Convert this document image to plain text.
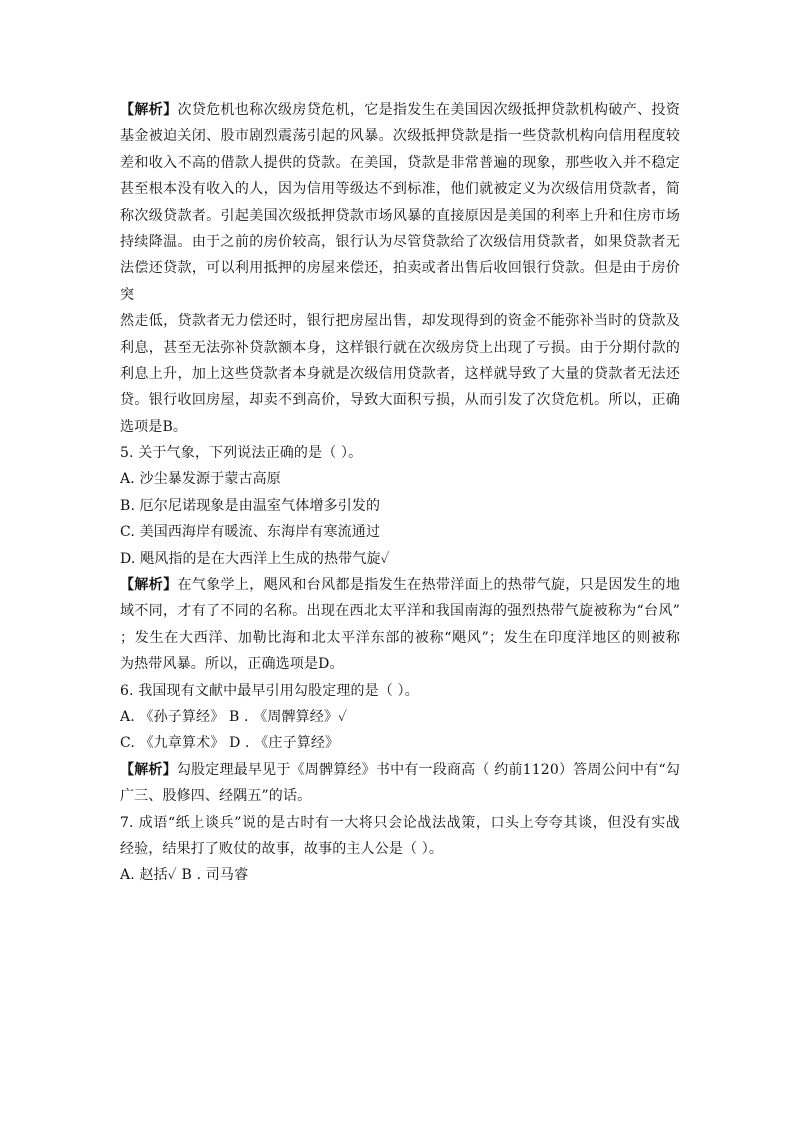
【解析】次贷危机也称次级房贷危机，它是指发生在美国因次级抵押贷款机构破产、投资
基金被迫关闭、股市剧烈震荡引起的风暴。次级抵押贷款是指一些贷款机构向信用程度较
差和收入不高的借款人提供的贷款。在美国，贷款是非常普遍的现象，那些收入并不稳定
甚至根本没有收入的人，因为信用等级达不到标准，他们就被定义为次级信用贷款者，简
称次级贷款者。引起美国次级抵押贷款市场风暴的直接原因是美国的利率上升和住房市场
持续降温。由于之前的房价较高，银行认为尽管贷款给了次级信用贷款者，如果贷款者无
法偿还贷款，可以利用抵押的房屋来偿还，拍卖或者出售后收回银行贷款。但是由于房价
突
然走低，贷款者无力偿还时，银行把房屋出售，却发现得到的资金不能弥补当时的贷款及
利息，甚至无法弥补贷款额本身，这样银行就在次级房贷上出现了亏损。由于分期付款的
利息上升，加上这些贷款者本身就是次级信用贷款者，这样就导致了大量的贷款者无法还
贷。银行收回房屋，却卖不到高价，导致大面积亏损，从而引发了次贷危机。所以，正确
选项是B。
5. 关于气象，下列说法正确的是（ ）。
A. 沙尘暴发源于蒙古高原
B. 厄尔尼诺现象是由温室气体增多引发的
C. 美国西海岸有暖流、东海岸有寒流通过
D. 飓风指的是在大西洋上生成的热带气旋✓
【解析】在气象学上，飓风和台风都是指发生在热带洋面上的热带气旋，只是因发生的地
域不同，才有了不同的名称。出现在西北太平洋和我国南海的强烈热带气旋被称为“台风”
；发生在大西洋、加勒比海和北太平洋东部的被称“飓风”；发生在印度洋地区的则被称
为热带风暴。所以，正确选项是D。
6. 我国现有文献中最早引用勾股定理的是（ ）。
A. 《孙子算经》 B . 《周髀算经》✓
C. 《九章算术》 D . 《庄子算经》
【解析】勾股定理最早见于《周髀算经》书中有一段商高（ 约前1120）答周公问中有“勾
广三、股修四、经隅五”的话。
7. 成语“纸上谈兵”说的是古时有一大将只会论战法战策，口头上夸夸其谈，但没有实战
经验，结果打了败仗的故事，故事的主人公是（ ）。
A. 赵括✓ B . 司马睿
